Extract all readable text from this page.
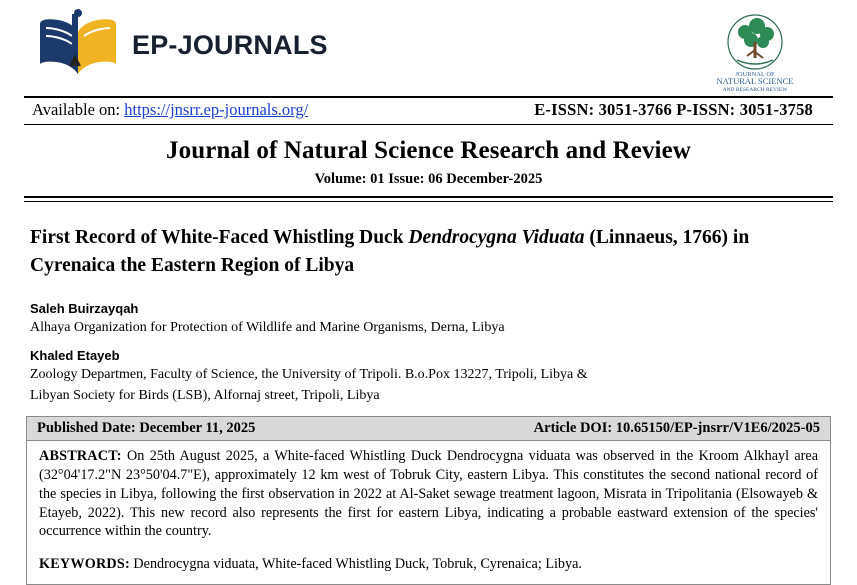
EP-JOURNALS
JOURNAL OF
NATURAL SCIENCE
AND RESEARCH REVIEW
Available on: https://jnsrr.ep-journals.org/	E-ISSN: 3051-3766 P-ISSN: 3051-3758
Journal of Natural Science Research and Review
Volume: 01 Issue: 06 December-2025
First Record of White-Faced Whistling Duck Dendrocygna Viduata (Linnaeus, 1766) in Cyrenaica the Eastern Region of Libya
Saleh Buirzayqah
Alhaya Organization for Protection of Wildlife and Marine Organisms, Derna, Libya
Khaled Etayeb
Zoology Departmen, Faculty of Science, the University of Tripoli. B.o.Pox 13227, Tripoli, Libya &
Libyan Society for Birds (LSB), Alfornaj street, Tripoli, Libya
Published Date: December 11, 2025	Article DOI: 10.65150/EP-jnsrr/V1E6/2025-05

ABSTRACT: On 25th August 2025, a White-faced Whistling Duck Dendrocygna viduata was observed in the Kroom Alkhayl area (32°04'17.2"N 23°50'04.7"E), approximately 12 km west of Tobruk City, eastern Libya. This constitutes the second national record of the species in Libya, following the first observation in 2022 at Al-Saket sewage treatment lagoon, Misrata in Tripolitania (Elsowayeb & Etayeb, 2022). This new record also represents the first for eastern Libya, indicating a probable eastward extension of the species' occurrence within the country.

KEYWORDS: Dendrocygna viduata, White-faced Whistling Duck, Tobruk, Cyrenaica; Libya.
